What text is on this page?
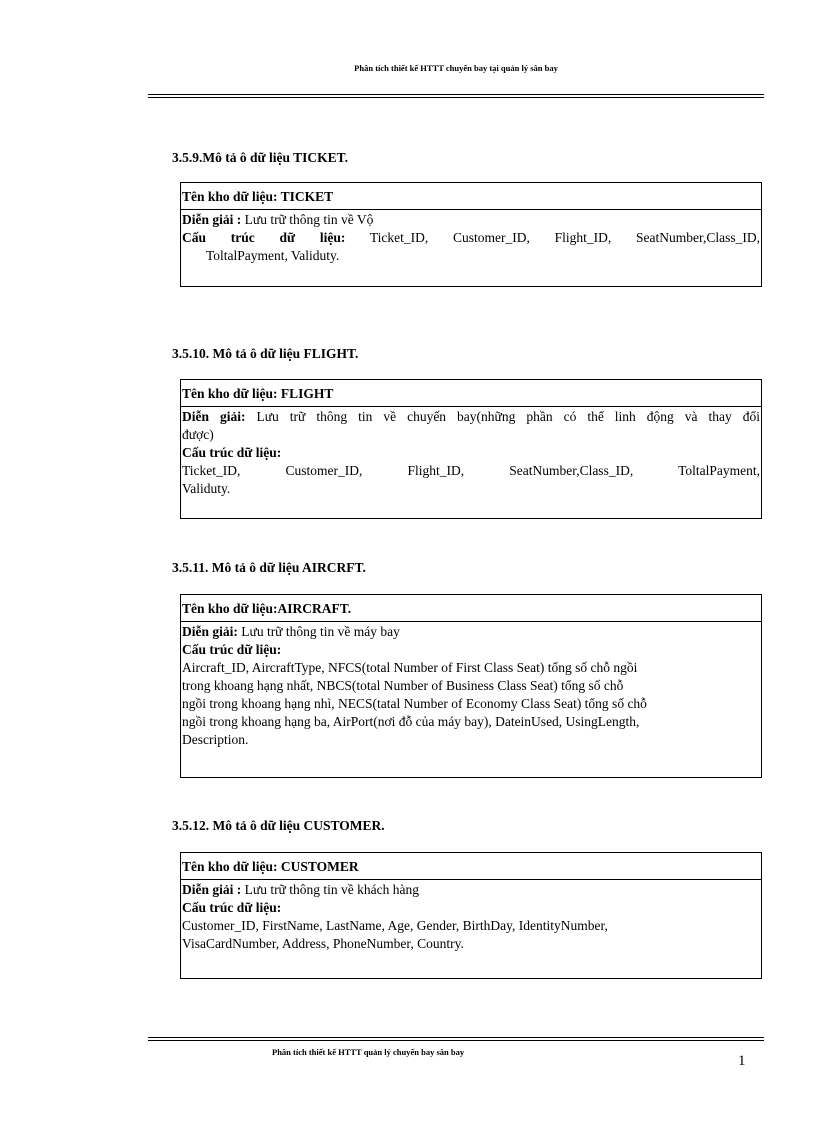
Phân tích thiết kế HTTT chuyến bay tại quản lý sân bay
3.5.9.Mô tả ô dữ liệu TICKET.
Tên kho dữ liệu: TICKET
Diễn giải : Lưu trữ thông tin về Vộ
Cấu trúc dữ liệu: Ticket_ID, Customer_ID, Flight_ID, SeatNumber,Class_ID,
ToltalPayment, Validuty.
3.5.10. Mô tả ô dữ liệu FLIGHT.
Tên kho dữ liệu: FLIGHT
Diễn giải: Lưu trữ thông tin về chuyến bay(những phần có thể linh động và thay đổi
được)
Cấu trúc dữ liệu:
Ticket_ID, Customer_ID, Flight_ID, SeatNumber,Class_ID, ToltalPayment,
Validuty.
3.5.11. Mô tả ô dữ liệu AIRCRFT.
Tên kho dữ liệu:AIRCRAFT.
Diễn giải: Lưu trữ thông tin về máy bay
Cấu trúc dữ liệu:
Aircraft_ID, AircraftType, NFCS(total Number of First Class Seat) tổng số chỗ ngồi
trong khoang hạng nhất, NBCS(total Number of Business Class Seat) tổng số chỗ
ngồi trong khoang hạng nhì, NECS(tatal Number of Economy Class Seat) tổng số chỗ
ngồi trong khoang hạng ba, AirPort(nơi đỗ của máy bay), DateinUsed, UsingLength,
Description.
3.5.12. Mô tả ô dữ liệu CUSTOMER.
Tên kho dữ liệu: CUSTOMER
Diễn giải : Lưu trữ thông tin về khách hàng
Cấu trúc dữ liệu:
Customer_ID, FirstName, LastName, Age, Gender, BirthDay, IdentityNumber,
VisaCardNumber, Address, PhoneNumber, Country.
Phân tích thiết kế HTTT quản lý chuyến bay sân bay
1
